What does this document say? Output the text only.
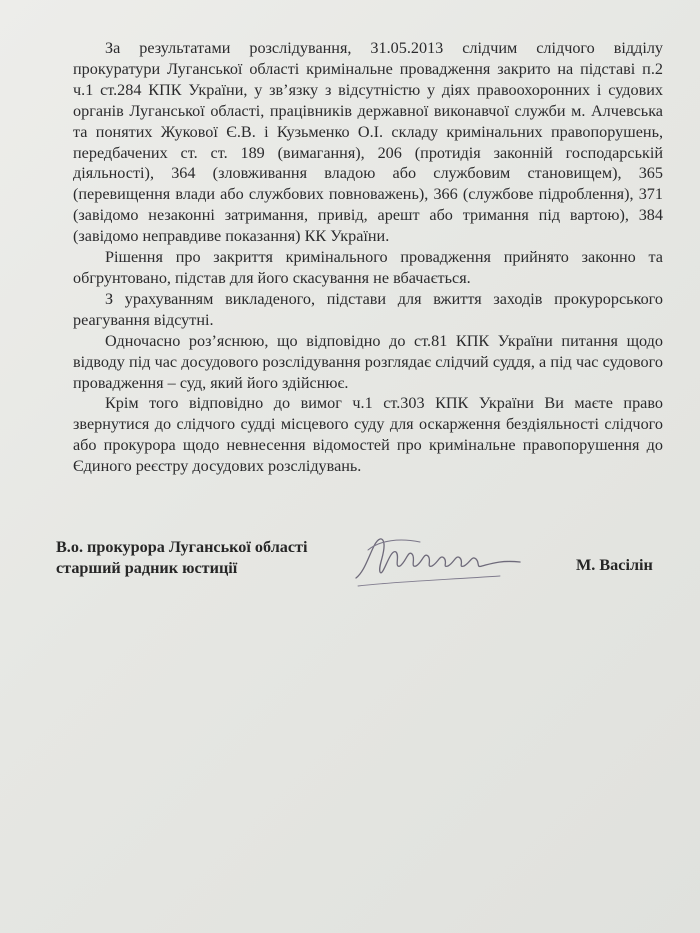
За результатами розслідування, 31.05.2013 слідчим слідчого відділу прокуратури Луганської області кримінальне провадження закрито на підставі п.2 ч.1 ст.284 КПК України, у зв’язку з відсутністю у діях правоохоронних і судових органів Луганської області, працівників державної виконавчої служби м. Алчевська та понятих Жукової Є.В. і Кузьменко О.І. складу кримінальних правопорушень, передбачених ст. ст. 189 (вимагання), 206 (протидія законній господарській діяльності), 364 (зловживання владою або службовим становищем), 365 (перевищення влади або службових повноважень), 366 (службове підроблення), 371 (завідомо незаконні затримання, привід, арешт або тримання під вартою), 384 (завідомо неправдиве показання) КК України.

Рішення про закриття кримінального провадження прийнято законно та обгрунтовано, підстав для його скасування не вбачається.

З урахуванням викладеного, підстави для вжиття заходів прокурорського реагування відсутні.

Одночасно роз’яснюю, що відповідно до ст.81 КПК України питання щодо відводу під час досудового розслідування розглядає слідчий суддя, а під час судового провадження – суд, який його здійснює.

Крім того відповідно до вимог ч.1 ст.303 КПК України Ви маєте право звернутися до слідчого судді місцевого суду для оскарження бездіяльності слідчого або прокурора щодо невнесення відомостей про кримінальне правопорушення до Єдиного реєстру досудових розслідувань.

В.о. прокурора Луганської області
старший радник юстиції	М. Васілін
